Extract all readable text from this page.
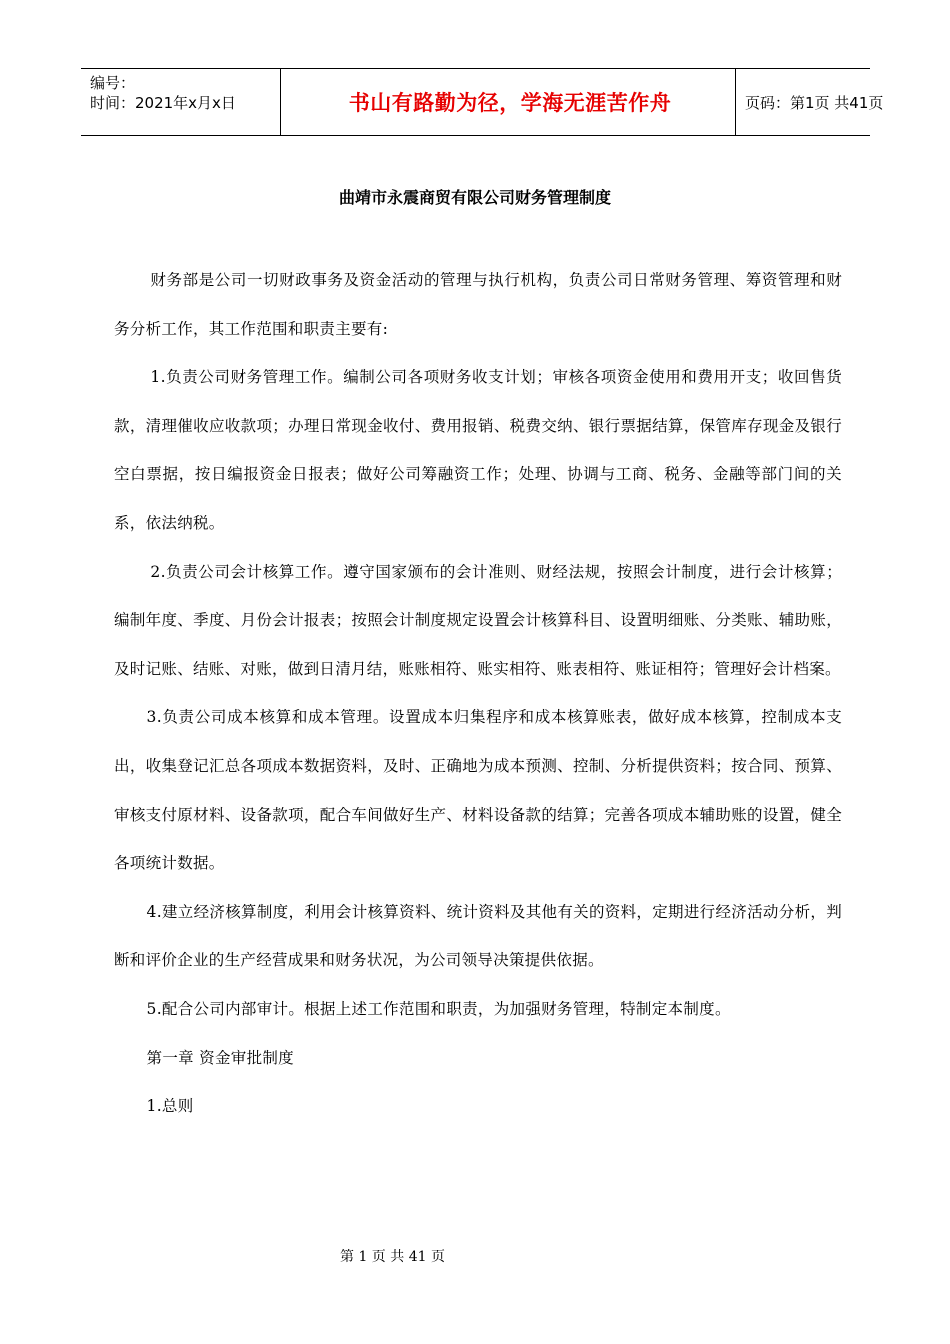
编号：
时间：2021年x月x日	书山有路勤为径，学海无涯苦作舟	页码：第1页 共41页
曲靖市永震商贸有限公司财务管理制度

财务部是公司一切财政事务及资金活动的管理与执行机构，负责公司日常财务管理、筹资管理和财务分析工作，其工作范围和职责主要有:

1.负责公司财务管理工作。编制公司各项财务收支计划；审核各项资金使用和费用开支；收回售货款，清理催收应收款项；办理日常现金收付、费用报销、税费交纳、银行票据结算，保管库存现金及银行空白票据，按日编报资金日报表；做好公司筹融资工作；处理、协调与工商、税务、金融等部门间的关系，依法纳税。

2.负责公司会计核算工作。遵守国家颁布的会计准则、财经法规，按照会计制度，进行会计核算；编制年度、季度、月份会计报表；按照会计制度规定设置会计核算科目、设置明细账、分类账、辅助账，及时记账、结账、对账，做到日清月结，账账相符、账实相符、账表相符、账证相符；管理好会计档案。

3.负责公司成本核算和成本管理。设置成本归集程序和成本核算账表，做好成本核算，控制成本支出，收集登记汇总各项成本数据资料，及时、正确地为成本预测、控制、分析提供资料；按合同、预算、审核支付原材料、设备款项，配合车间做好生产、材料设备款的结算；完善各项成本辅助账的设置，健全各项统计数据。

4.建立经济核算制度，利用会计核算资料、统计资料及其他有关的资料，定期进行经济活动分析，判断和评价企业的生产经营成果和财务状况，为公司领导决策提供依据。

5.配合公司内部审计。根据上述工作范围和职责，为加强财务管理，特制定本制度。

第一章 资金审批制度

1.总则

第 1 页 共 41 页
